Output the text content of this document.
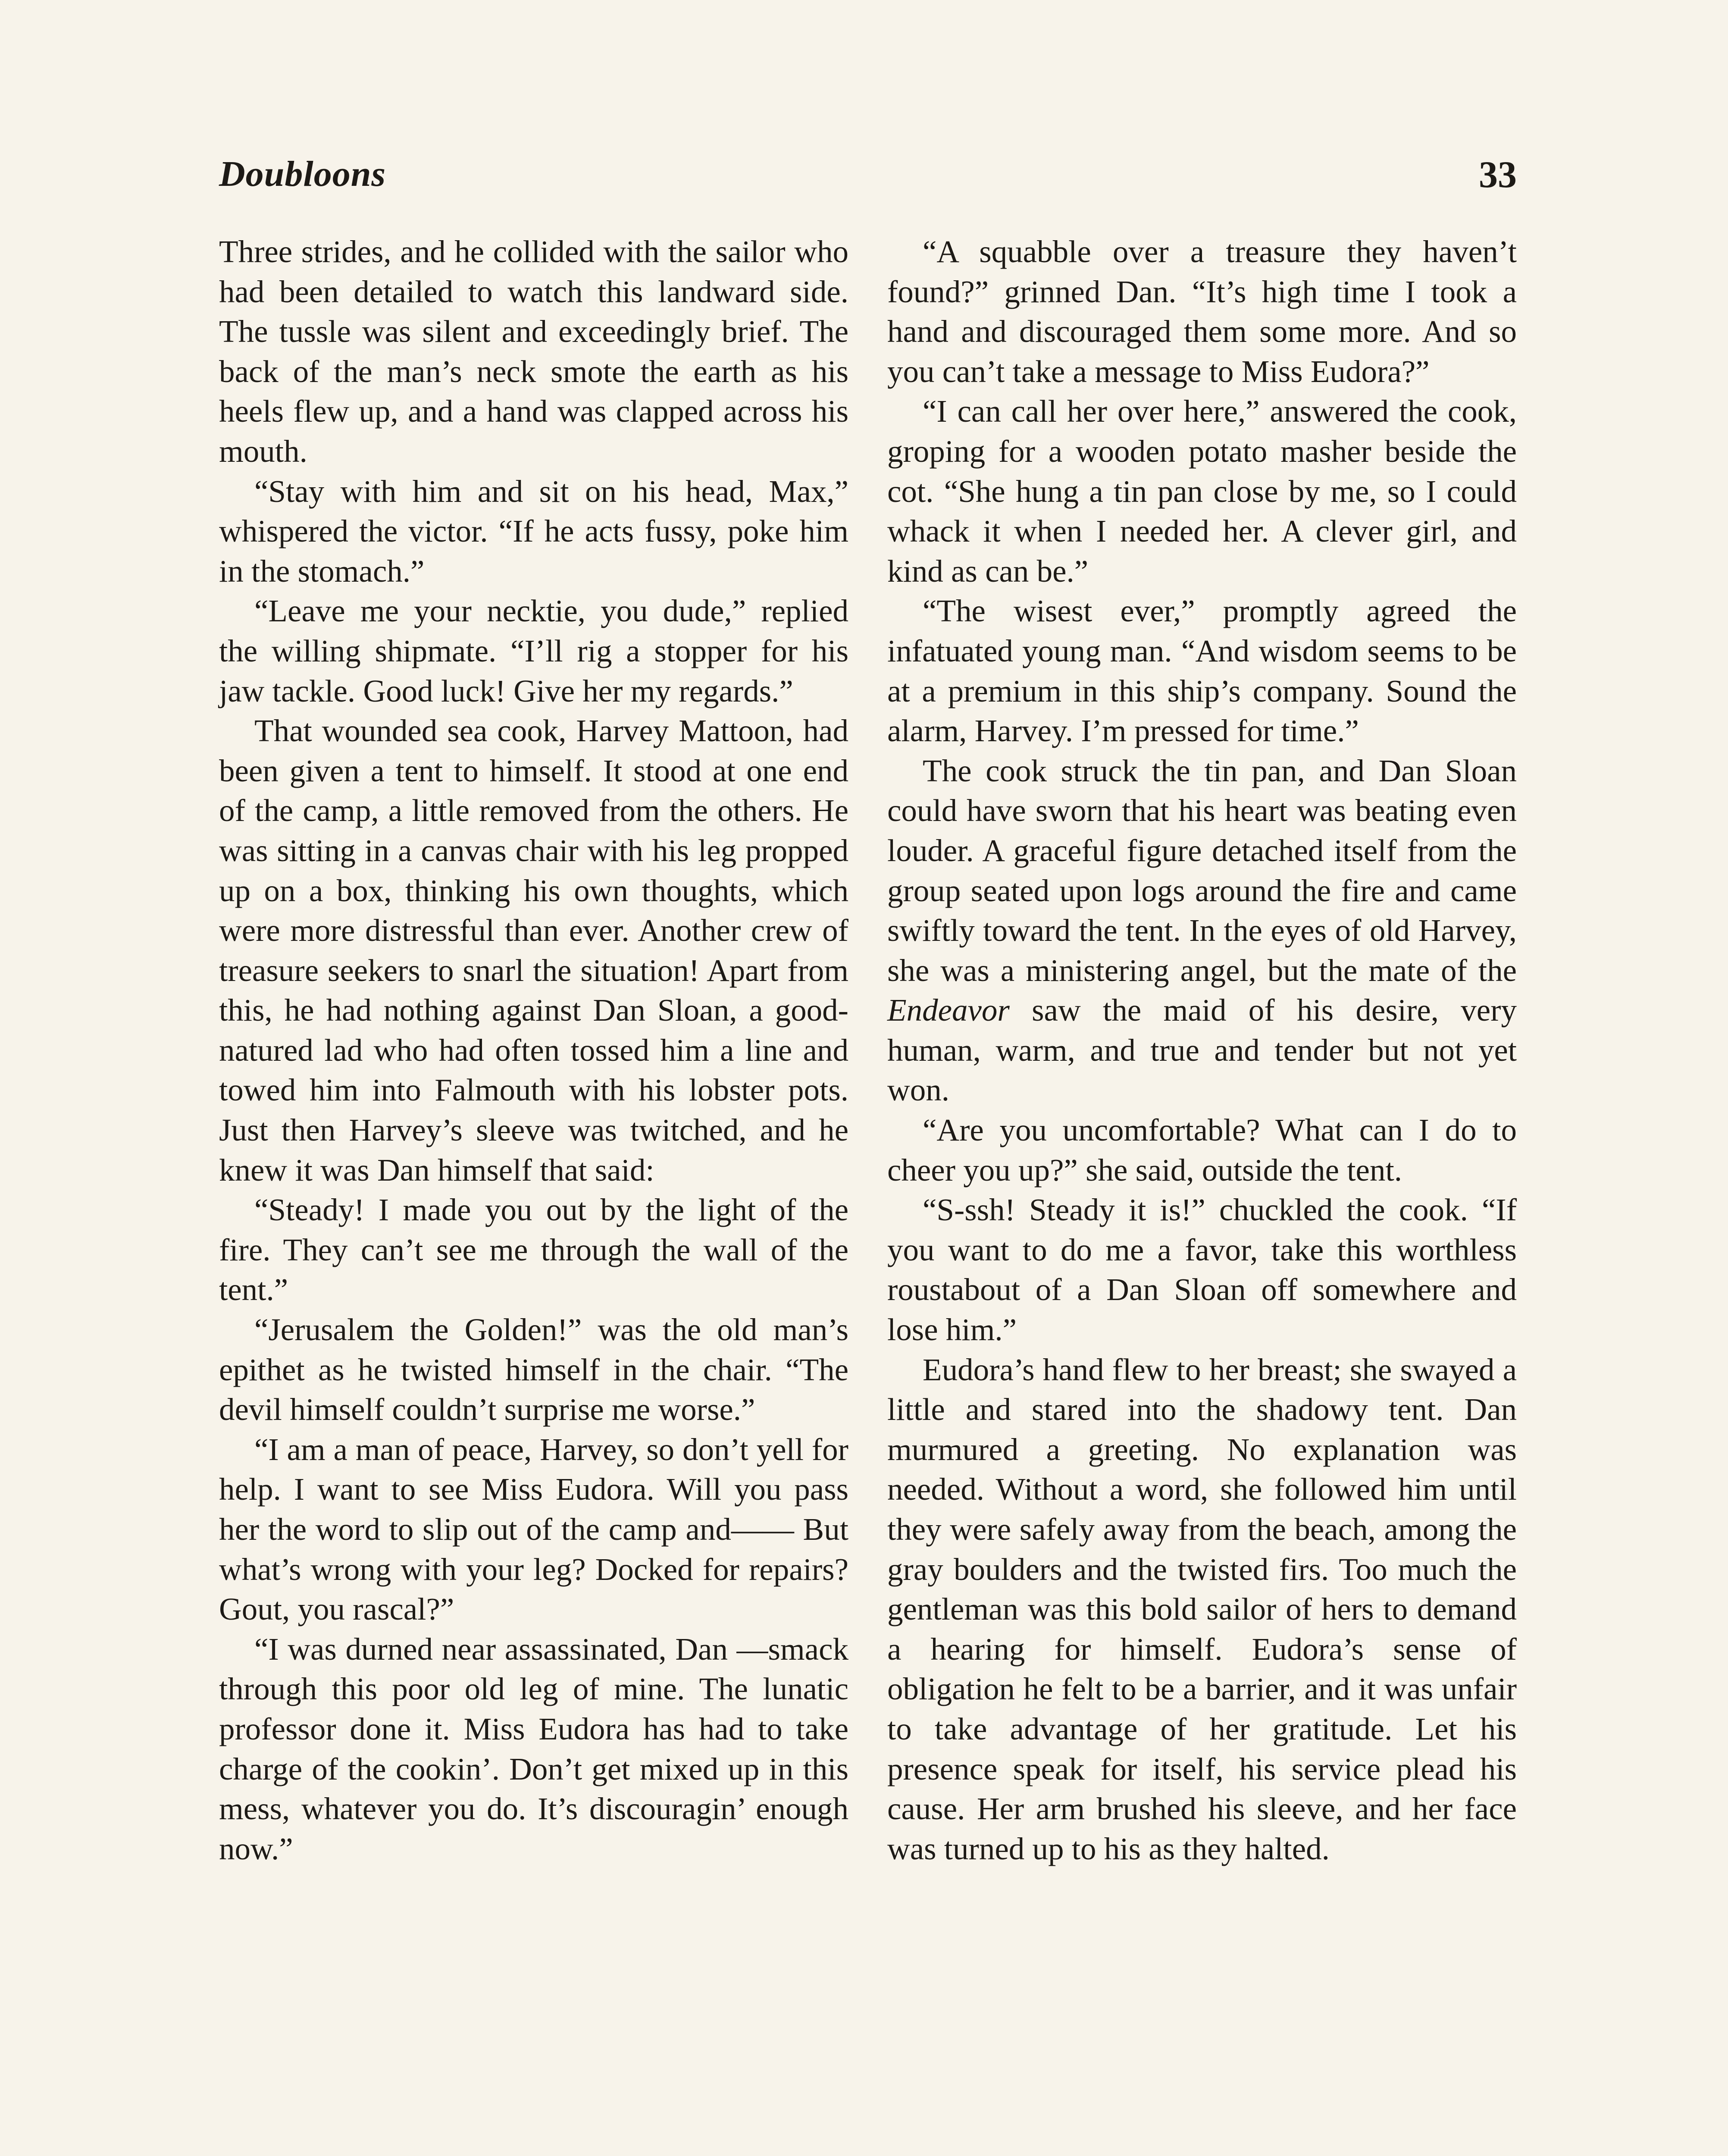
Doubloons	33

Three strides, and he collided with the sailor who had been detailed to watch this landward side. The tussle was silent and exceedingly brief. The back of the man’s neck smote the earth as his heels flew up, and a hand was clapped across his mouth.

“Stay with him and sit on his head, Max,” whispered the victor. “If he acts fussy, poke him in the stomach.”

“Leave me your necktie, you dude,” replied the willing shipmate. “I’ll rig a stopper for his jaw tackle. Good luck! Give her my regards.”

That wounded sea cook, Harvey Mattoon, had been given a tent to himself. It stood at one end of the camp, a little removed from the others. He was sitting in a canvas chair with his leg propped up on a box, thinking his own thoughts, which were more distressful than ever. Another crew of treasure seekers to snarl the situation! Apart from this, he had nothing against Dan Sloan, a good-natured lad who had often tossed him a line and towed him into Falmouth with his lobster pots. Just then Harvey’s sleeve was twitched, and he knew it was Dan himself that said:

“Steady! I made you out by the light of the fire. They can’t see me through the wall of the tent.”

“Jerusalem the Golden!” was the old man’s epithet as he twisted himself in the chair. “The devil himself couldn’t surprise me worse.”

“I am a man of peace, Harvey, so don’t yell for help. I want to see Miss Eudora. Will you pass her the word to slip out of the camp and—— But what’s wrong with your leg? Docked for repairs? Gout, you rascal?”

“I was durned near assassinated, Dan —smack through this poor old leg of mine. The lunatic professor done it. Miss Eudora has had to take charge of the cookin’. Don’t get mixed up in this mess, whatever you do. It’s discouragin’ enough now.”

“A squabble over a treasure they haven’t found?” grinned Dan. “It’s high time I took a hand and discouraged them some more. And so you can’t take a message to Miss Eudora?”

“I can call her over here,” answered the cook, groping for a wooden potato masher beside the cot. “She hung a tin pan close by me, so I could whack it when I needed her. A clever girl, and kind as can be.”

“The wisest ever,” promptly agreed the infatuated young man. “And wisdom seems to be at a premium in this ship’s company. Sound the alarm, Harvey. I’m pressed for time.”

The cook struck the tin pan, and Dan Sloan could have sworn that his heart was beating even louder. A graceful figure detached itself from the group seated upon logs around the fire and came swiftly toward the tent. In the eyes of old Harvey, she was a ministering angel, but the mate of the Endeavor saw the maid of his desire, very human, warm, and true and tender but not yet won.

“Are you uncomfortable? What can I do to cheer you up?” she said, outside the tent.

“S-ssh! Steady it is!” chuckled the cook. “If you want to do me a favor, take this worthless roustabout of a Dan Sloan off somewhere and lose him.”

Eudora’s hand flew to her breast; she swayed a little and stared into the shadowy tent. Dan murmured a greeting. No explanation was needed. Without a word, she followed him until they were safely away from the beach, among the gray boulders and the twisted firs. Too much the gentleman was this bold sailor of hers to demand a hearing for himself. Eudora’s sense of obligation he felt to be a barrier, and it was unfair to take advantage of her gratitude. Let his presence speak for itself, his service plead his cause. Her arm brushed his sleeve, and her face was turned up to his as they halted.
